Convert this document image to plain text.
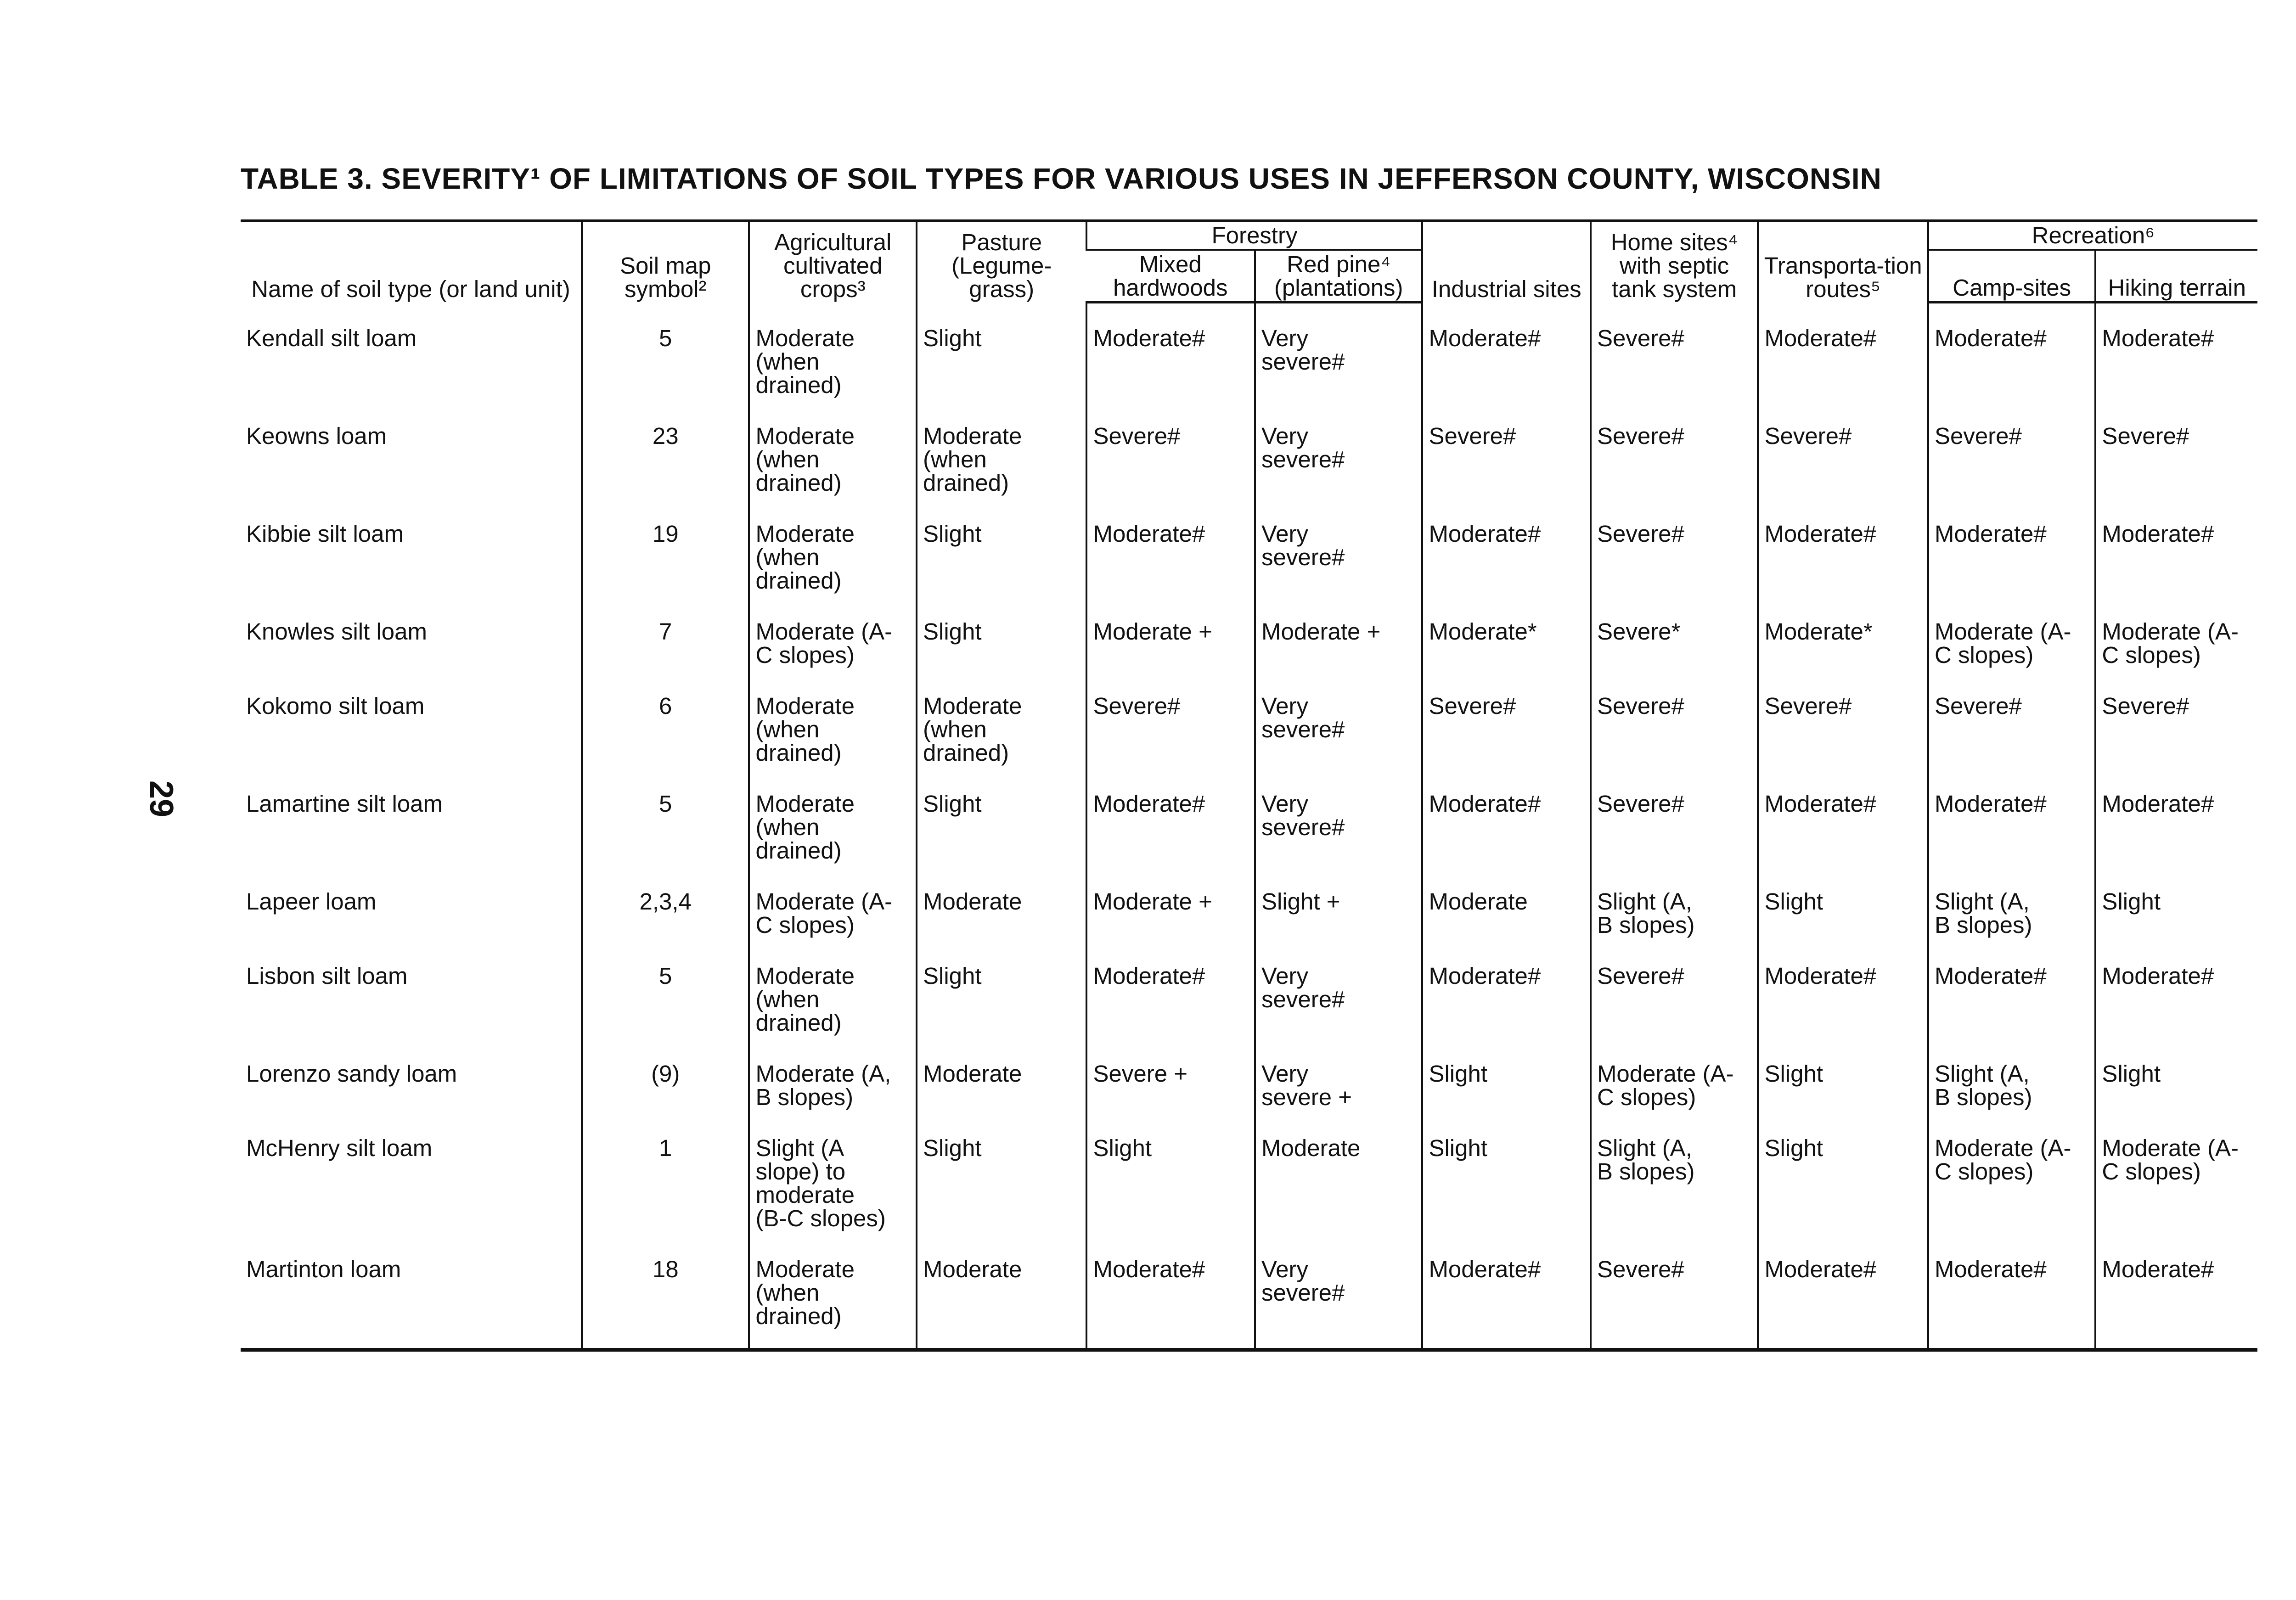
TABLE 3. SEVERITY¹ OF LIMITATIONS OF SOIL TYPES FOR VARIOUS USES IN JEFFERSON COUNTY, WISCONSIN
29
Name of soil type (or land unit)	Soil map symbol²	Agricultural cultivated crops³	Pasture (Legume-grass)	Forestry		Industrial sites	Home sites⁴ with septic tank system	Transporta-tion routes⁵	Recreation⁶	
				Mixed hardwoods	Red pine⁴ (plantations)				Camp-sites	Hiking terrain

Kendall silt loam	5	Moderate
(when
drained)	Slight	Moderate#	Very
severe#	Moderate#	Severe#	Moderate#	Moderate#	Moderate#
Keowns loam	23	Moderate
(when
drained)	Moderate
(when
drained)	Severe#	Very
severe#	Severe#	Severe#	Severe#	Severe#	Severe#
Kibbie silt loam	19	Moderate
(when
drained)	Slight	Moderate#	Very
severe#	Moderate#	Severe#	Moderate#	Moderate#	Moderate#
Knowles silt loam	7	Moderate (A-
C slopes)	Slight	Moderate +	Moderate +	Moderate*	Severe*	Moderate*	Moderate (A-
C slopes)	Moderate (A-
C slopes)
Kokomo silt loam	6	Moderate
(when
drained)	Moderate
(when
drained)	Severe#	Very
severe#	Severe#	Severe#	Severe#	Severe#	Severe#
Lamartine silt loam	5	Moderate
(when
drained)	Slight	Moderate#	Very
severe#	Moderate#	Severe#	Moderate#	Moderate#	Moderate#
Lapeer loam	2,3,4	Moderate (A-
C slopes)	Moderate	Moderate +	Slight +	Moderate	Slight (A,
B slopes)	Slight	Slight (A,
B slopes)	Slight
Lisbon silt loam	5	Moderate
(when
drained)	Slight	Moderate#	Very
severe#	Moderate#	Severe#	Moderate#	Moderate#	Moderate#
Lorenzo sandy loam	(9)	Moderate (A,
B slopes)	Moderate	Severe +	Very
severe +	Slight	Moderate (A-
C slopes)	Slight	Slight (A,
B slopes)	Slight
McHenry silt loam	1	Slight (A
slope) to
moderate
(B-C slopes)	Slight	Slight	Moderate	Slight	Slight (A,
B slopes)	Slight	Moderate (A-
C slopes)	Moderate (A-
C slopes)
Martinton loam	18	Moderate
(when
drained)	Moderate	Moderate#	Very
severe#	Moderate#	Severe#	Moderate#	Moderate#	Moderate#
